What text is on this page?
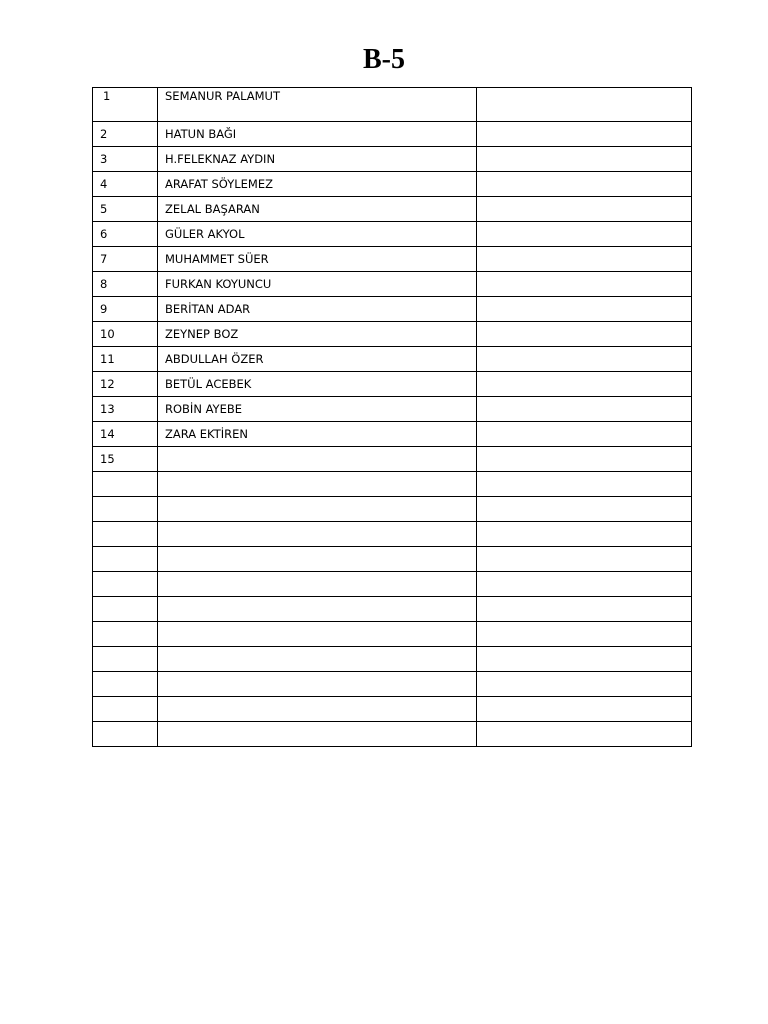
B-5
1	SEMANUR PALAMUT	
2	HATUN BAĞI	
3	H.FELEKNAZ AYDIN	
4	ARAFAT SÖYLEMEZ	
5	ZELAL BAŞARAN	
6	GÜLER AKYOL	
7	MUHAMMET SÜER	
8	FURKAN KOYUNCU	
9	BERİTAN ADAR	
10	ZEYNEP BOZ	
11	ABDULLAH ÖZER	
12	BETÜL ACEBEK	
13	ROBİN AYEBE	
14	ZARA EKTİREN	
15		
